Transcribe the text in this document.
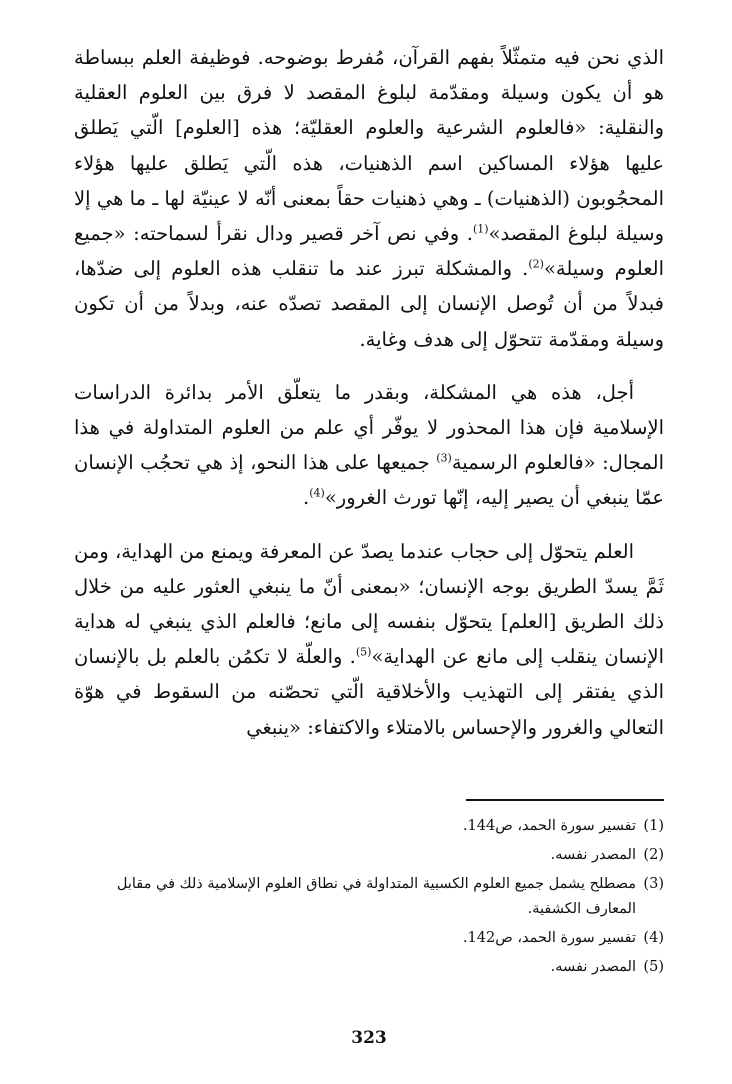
الذي نحن فيه متمثّلاً بفهم القرآن، مُفرط بوضوحه. فوظيفة العلم ببساطة هو أن يكون وسيلة ومقدّمة لبلوغ المقصد لا فرق بين العلوم العقلية والنقلية: «فالعلوم الشرعية والعلوم العقليّة؛ هذه [العلوم] الّتي يَطلق عليها هؤلاء المساكين اسم الذهنيات، هذه الّتي يَطلق عليها هؤلاء المحجُوبون (الذهنيات) ـ وهي ذهنيات حقاً بمعنى أنّه لا عينيّة لها ـ ما هي إلا وسيلة لبلوغ المقصد»$^{(1)}$. وفي نص آخر قصير ودال نقرأ لسماحته: «جميع العلوم وسيلة»$^{(2)}$. والمشكلة تبرز عند ما تنقلب هذه العلوم إلى ضدّها، فبدلاً من أن تُوصل الإنسان إلى المقصد تصدّه عنه، وبدلاً من أن تكون وسيلة ومقدّمة تتحوّل إلى هدف وغاية.

أجل، هذه هي المشكلة، وبقدر ما يتعلّق الأمر بدائرة الدراسات الإسلامية فإن هذا المحذور لا يوفّر أي علم من العلوم المتداولة في هذا المجال: «فالعلوم الرسمية$^{(3)}$ جميعها على هذا النحو، إذ هي تحجُب الإنسان عمّا ينبغي أن يصير إليه، إنّها تورث الغرور»$^{(4)}$.

العلم يتحوّل إلى حجاب عندما يصدّ عن المعرفة ويمنع من الهداية، ومن ثَمَّ يسدّ الطريق بوجه الإنسان؛ «بمعنى أنّ ما ينبغي العثور عليه من خلال ذلك الطريق [العلم] يتحوّل بنفسه إلى مانع؛ فالعلم الذي ينبغي له هداية الإنسان ينقلب إلى مانع عن الهداية»$^{(5)}$. والعلّة لا تكمُن بالعلم بل بالإنسان الذي يفتقر إلى التهذيب والأخلاقية الّتي تحصّنه من السقوط في هوّة التعالي والغرور والإحساس بالامتلاء والاكتفاء: «ينبغي

(1)
تفسير سورة الحمد، ص144.
(2)
المصدر نفسه.
(3)
مصطلح يشمل جميع العلوم الكسبية المتداولة في نطاق العلوم الإسلامية ذلك في مقابل المعارف الكشفية.
(4)
تفسير سورة الحمد، ص142.
(5)
المصدر نفسه.
323
